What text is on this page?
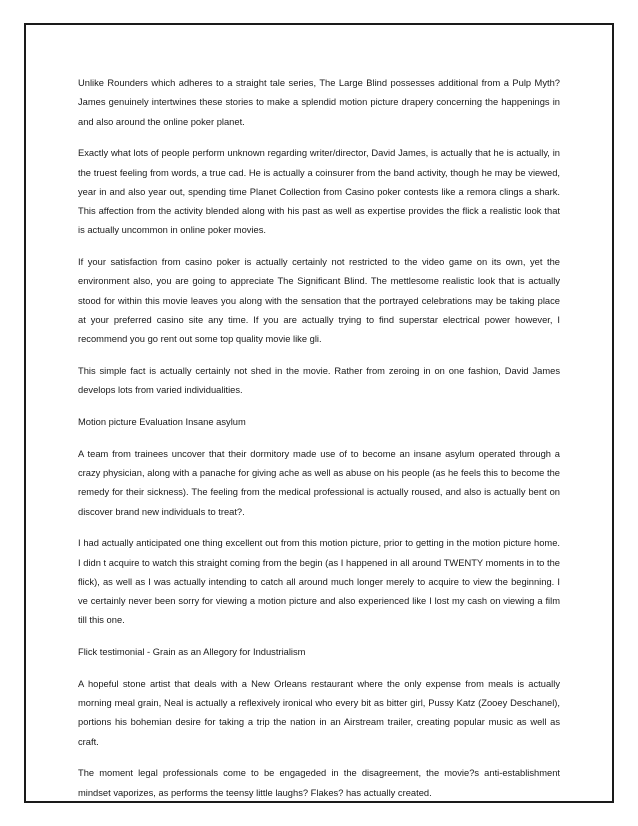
Unlike Rounders which adheres to a straight tale series, The Large Blind possesses additional from a Pulp Myth? James genuinely intertwines these stories to make a splendid motion picture drapery concerning the happenings in and also around the online poker planet.

Exactly what lots of people perform unknown regarding writer/director, David James, is actually that he is actually, in the truest feeling from words, a true cad. He is actually a coinsurer from the band activity, though he may be viewed, year in and also year out, spending time Planet Collection from Casino poker contests like a remora clings a shark. This affection from the activity blended along with his past as well as expertise provides the flick a realistic look that is actually uncommon in online poker movies.

If your satisfaction from casino poker is actually certainly not restricted to the video game on its own, yet the environment also, you are going to appreciate The Significant Blind. The mettlesome realistic look that is actually stood for within this movie leaves you along with the sensation that the portrayed celebrations may be taking place at your preferred casino site any time. If you are actually trying to find superstar electrical power however, I recommend you go rent out some top quality movie like gli.

This simple fact is actually certainly not shed in the movie. Rather from zeroing in on one fashion, David James develops lots from varied individualities.

Motion picture Evaluation Insane asylum

A team from trainees uncover that their dormitory made use of to become an insane asylum operated through a crazy physician, along with a panache for giving ache as well as abuse on his people (as he feels this to become the remedy for their sickness). The feeling from the medical professional is actually roused, and also is actually bent on discover brand new individuals to treat?.

I had actually anticipated one thing excellent out from this motion picture, prior to getting in the motion picture home. I didn t acquire to watch this straight coming from the begin (as I happened in all around TWENTY moments in to the flick), as well as I was actually intending to catch all around much longer merely to acquire to view the beginning. I ve certainly never been sorry for viewing a motion picture and also experienced like I lost my cash on viewing a film till this one.

Flick testimonial - Grain as an Allegory for Industrialism

A hopeful stone artist that deals with a New Orleans restaurant where the only expense from meals is actually morning meal grain, Neal is actually a reflexively ironical who every bit as bitter girl, Pussy Katz (Zooey Deschanel), portions his bohemian desire for taking a trip the nation in an Airstream trailer, creating popular music as well as craft.

The moment legal professionals come to be engageded in the disagreement, the movie?s anti-establishment mindset vaporizes, as performs the teensy little laughs? Flakes? has actually created.
